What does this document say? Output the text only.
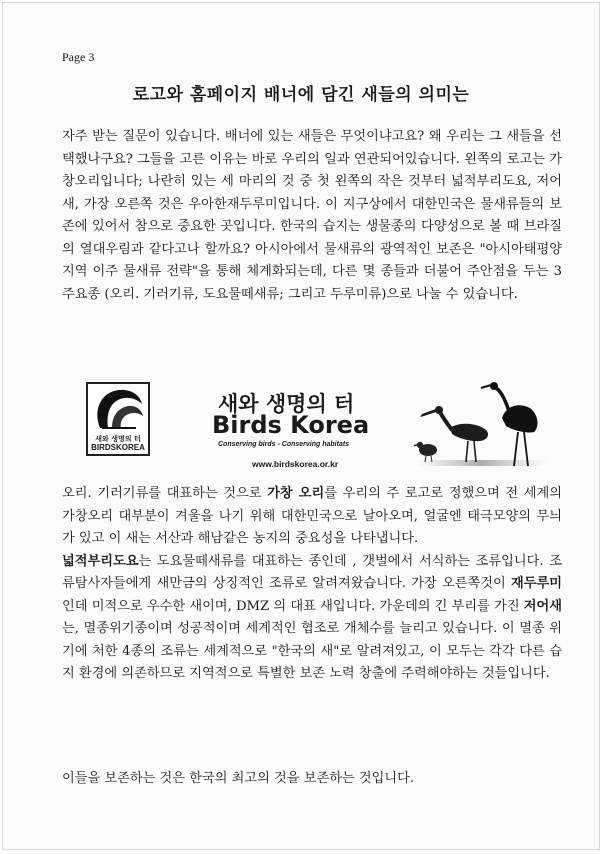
Page 3
로고와 홈페이지 배너에 담긴 새들의 의미는

자주 받는 질문이 있습니다. 배너에 있는 새들은 무엇이냐고요? 왜 우리는 그 새들을 선택했나구요? 그들을 고른 이유는 바로 우리의 일과 연관되어있습니다. 왼쪽의 로고는 가창오리입니다; 나란히 있는 세 마리의 것 중 첫 왼쪽의 작은 것부터 넓적부리도요, 저어새, 가장 오른쪽 것은 우아한재두루미입니다. 이 지구상에서 대한민국은 물새류들의 보존에 있어서 참으로 중요한 곳입니다. 한국의 습지는 생물종의 다양성으로 볼 때 브라질의 열대우림과 같다고나 할까요? 아시아에서 물새류의 광역적인 보존은 "아시아태평양지역 이주 물새류 전략"을 통해 체계화되는데, 다른 몇 종들과 더불어 주안점을 두는 3 주요종 (오리. 기러기류, 도요물떼새류; 그리고 두루미류)으로 나눌 수 있습니다.

새와 생명의 터
BIRDSKOREA
새와 생명의 터
Birds Korea
Conserving birds - Conserving habitats
www.birdskorea.or.kr

오리. 기러기류를 대표하는 것으로 가창 오리를 우리의 주 로고로 정했으며 전 세계의 가창오리 대부분이 겨울을 나기 위해 대한민국으로 날아오며, 얼굴엔 태극모양의 무늬가 있고 이 새는 서산과 해남같은 농지의 중요성을 나타냅니다.
넓적부리도요는 도요물떼새류를 대표하는 종인데 , 갯벌에서 서식하는 조류입니다. 조류탐사자들에게 새만금의 상징적인 조류로 알려져왔습니다. 가장 오른쪽것이 재두루미인데 미적으로 우수한 새이며, DMZ 의 대표 새입니다. 가운데의 긴 부리를 가진 저어새는, 멸종위기종이며 성공적이며 세계적인 협조로 개체수를 늘리고 있습니다. 이 멸종 위기에 처한 4종의 조류는 세계적으로 "한국의 새"로 알려져있고, 이 모두는 각각 다른 습지 환경에 의존하므로 지역적으로 특별한 보존 노력 창출에 주력해야하는 것들입니다.

이들을 보존하는 것은 한국의 최고의 것을 보존하는 것입니다.
